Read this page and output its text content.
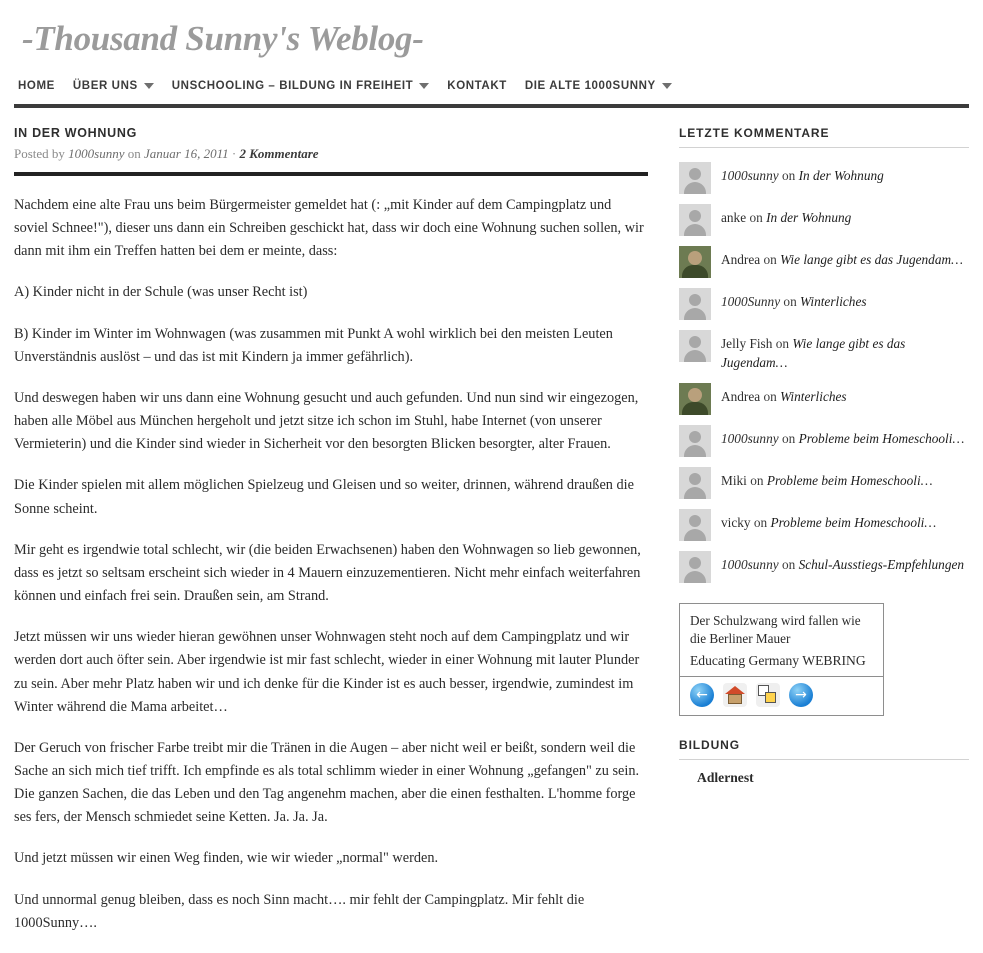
-Thousand Sunny's Weblog-
HOME ÜBER UNS	UNSCHOOLING – BILDUNG IN FREIHEIT	KONTAKT DIE ALTE 1000SUNNY
IN DER WOHNUNG
Posted by 1000sunny on Januar 16, 2011 · 2 Kommentare

Nachdem eine alte Frau uns beim Bürgermeister gemeldet hat (: „mit Kinder auf dem Campingplatz und soviel Schnee!"), dieser uns dann ein Schreiben geschickt hat, dass wir doch eine Wohnung suchen sollen, wir dann mit ihm ein Treffen hatten bei dem er meinte, dass:

A) Kinder nicht in der Schule (was unser Recht ist)

B) Kinder im Winter im Wohnwagen (was zusammen mit Punkt A wohl wirklich bei den meisten Leuten Unverständnis auslöst – und das ist mit Kindern ja immer gefährlich).

Und deswegen haben wir uns dann eine Wohnung gesucht und auch gefunden. Und nun sind wir eingezogen, haben alle Möbel aus München hergeholt und jetzt sitze ich schon im Stuhl, habe Internet (von unserer Vermieterin) und die Kinder sind wieder in Sicherheit vor den besorgten Blicken besorgter, alter Frauen.

Die Kinder spielen mit allem möglichen Spielzeug und Gleisen und so weiter, drinnen, während draußen die Sonne scheint.

Mir geht es irgendwie total schlecht, wir (die beiden Erwachsenen) haben den Wohnwagen so lieb gewonnen, dass es jetzt so seltsam erscheint sich wieder in 4 Mauern einzuzementieren. Nicht mehr einfach weiterfahren können und einfach frei sein. Draußen sein, am Strand.

Jetzt müssen wir uns wieder hieran gewöhnen unser Wohnwagen steht noch auf dem Campingplatz und wir werden dort auch öfter sein. Aber irgendwie ist mir fast schlecht, wieder in einer Wohnung mit lauter Plunder zu sein. Aber mehr Platz haben wir und ich denke für die Kinder ist es auch besser, irgendwie, zumindest im Winter während die Mama arbeitet…

Der Geruch von frischer Farbe treibt mir die Tränen in die Augen – aber nicht weil er beißt, sondern weil die Sache an sich mich tief trifft. Ich empfinde es als total schlimm wieder in einer Wohnung „gefangen" zu sein. Die ganzen Sachen, die das Leben und den Tag angenehm machen, aber die einen festhalten. L'homme forge ses fers, der Mensch schmiedet seine Ketten. Ja. Ja. Ja.

Und jetzt müssen wir einen Weg finden, wie wir wieder „normal" werden.

Und unnormal genug bleiben, dass es noch Sinn macht…. mir fehlt der Campingplatz. Mir fehlt die 1000Sunny….

LETZTE KOMMENTARE
1000sunny on In der Wohnung
anke on In der Wohnung
Andrea on Wie lange gibt es das Jugendam…
1000Sunny on Winterliches
Jelly Fish on Wie lange gibt es das Jugendam…
Andrea on Winterliches
1000sunny on Probleme beim Homeschooli…
Miki on Probleme beim Homeschooli…
vicky on Probleme beim Homeschooli…
1000sunny on Schul-Ausstiegs-Empfehlungen

Der Schulzwang wird fallen wie die Berliner Mauer

Educating Germany WEBRING

←	→
BILDUNG
Adlernest
